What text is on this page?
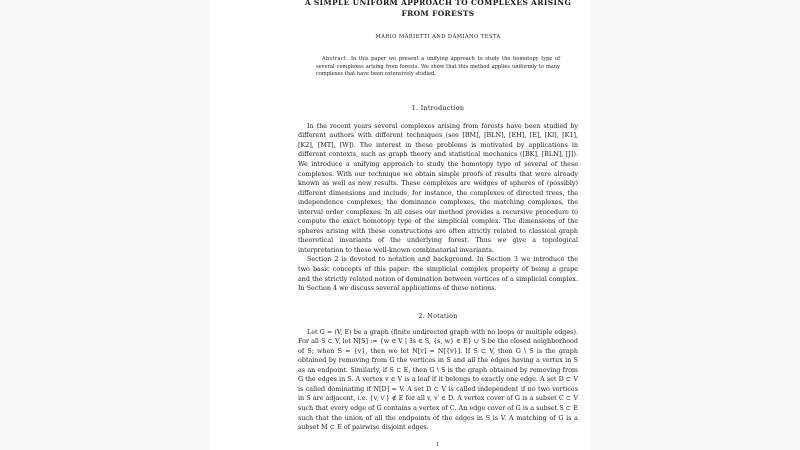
A SIMPLE UNIFORM APPROACH TO COMPLEXES ARISING
FROM FORESTS
MARIO MARIETTI AND DAMIANO TESTA
Abstract. In this paper we present a unifying approach to study the homotopy type of several complexes arising from forests. We show that this method applies uniformly to many complexes that have been extensively studied.
1. Introduction

In the recent years several complexes arising from forests have been studied by different authors with different techniques (see [BM], [BLN], [EH], [E], [Kl], [K1], [K2], [MT], [W]). The interest in these problems is motivated by applications in different contexts, such as graph theory and statistical mechanics ([BK], [BLN], [J]). We introduce a unifying approach to study the homotopy type of several of these complexes. With our technique we obtain simple proofs of results that were already known as well as new results. These complexes are wedges of spheres of (possibly) different dimensions and include, for instance, the complexes of directed trees, the independence complexes, the dominance complexes, the matching complexes, the interval order complexes. In all cases our method provides a recursive procedure to compute the exact homotopy type of the simplicial complex. The dimensions of the spheres arising with these constructions are often strictly related to classical graph theoretical invariants of the underlying forest. Thus we give a topological interpretation to these well-known combinatorial invariants.

Section 2 is devoted to notation and background. In Section 3 we introduce the two basic concepts of this paper: the simplicial complex property of being a grape and the strictly related notion of domination between vertices of a simplicial complex. In Section 4 we discuss several applications of these notions.

2. Notation

Let G = (V, E) be a graph (finite undirected graph with no loops or multiple edges). For all S ⊂ V, let N[S] := {w ∈ V | ∃s ∈ S, {s, w} ∈ E} ∪ S be the closed neighborhood of S; when S = {v}, then we let N[v] = N[{v}]. If S ⊂ V, then G \ S is the graph obtained by removing from G the vertices in S and all the edges having a vertex in S as an endpoint. Similarly, if S ⊂ E, then G \ S is the graph obtained by removing from G the edges in S. A vertex v ∈ V is a leaf if it belongs to exactly one edge. A set D ⊂ V is called dominating if N[D] = V. A set D ⊂ V is called independent if no two vertices in S are adjacent, i.e. {v, v′} ∉ E for all v, v′ ∈ D. A vertex cover of G is a subset C ⊂ V such that every edge of G contains a vertex of C. An edge cover of G is a subset S ⊂ E such that the union of all the endpoints of the edges in S is V. A matching of G is a subset M ⊂ E of pairwise disjoint edges.

1
